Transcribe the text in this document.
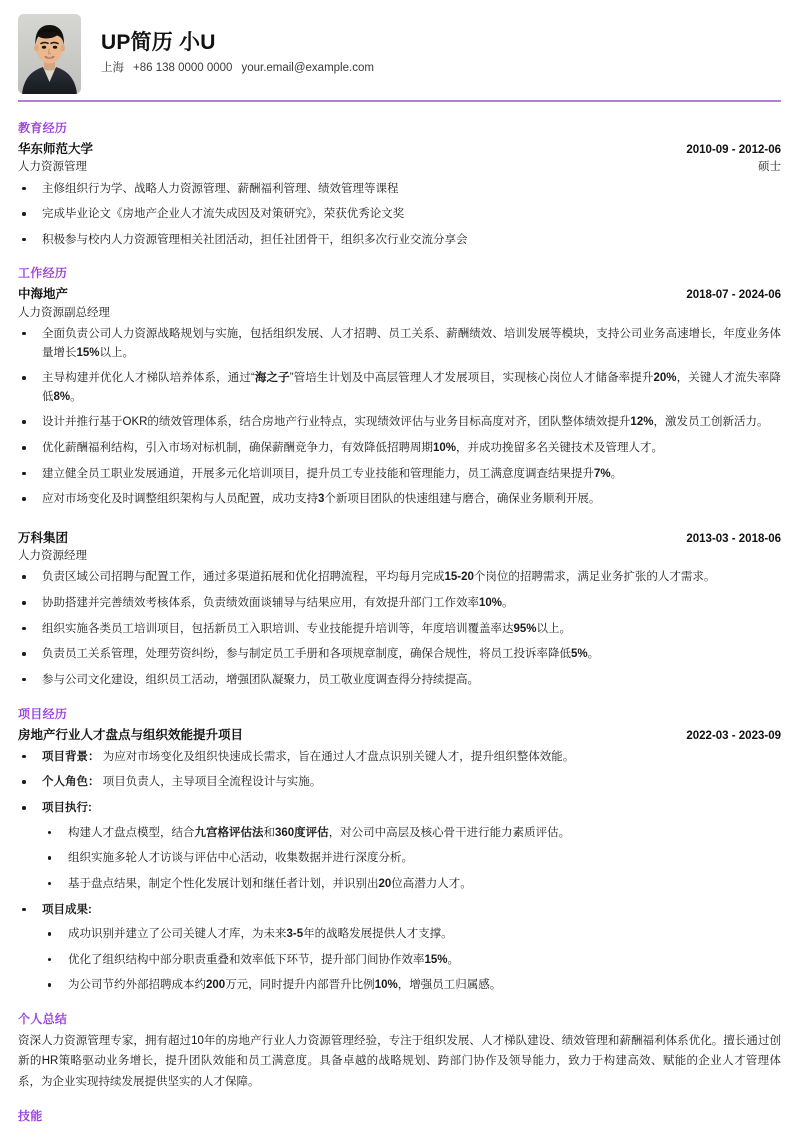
UP简历 小U
上海 +86 138 0000 0000 your.email@example.com
教育经历
华东师范大学	2010-09 - 2012-06
人力资源管理	硕士
主修组织行为学、战略人力资源管理、薪酬福利管理、绩效管理等课程
完成毕业论文《房地产企业人才流失成因及对策研究》，荣获优秀论文奖
积极参与校内人力资源管理相关社团活动，担任社团骨干，组织多次行业交流分享会
工作经历
中海地产	2018-07 - 2024-06
人力资源副总经理
全面负责公司人力资源战略规划与实施，包括组织发展、人才招聘、员工关系、薪酬绩效、培训发展等模块，支持公司业务高速增长，年度业务体量增长15%以上。
主导构建并优化人才梯队培养体系，通过“海之子”管培生计划及中高层管理人才发展项目，实现核心岗位人才储备率提升20%，关键人才流失率降低8%。
设计并推行基于OKR的绩效管理体系，结合房地产行业特点，实现绩效评估与业务目标高度对齐，团队整体绩效提升12%，激发员工创新活力。
优化薪酬福利结构，引入市场对标机制，确保薪酬竞争力，有效降低招聘周期10%，并成功挽留多名关键技术及管理人才。
建立健全员工职业发展通道，开展多元化培训项目，提升员工专业技能和管理能力，员工满意度调查结果提升7%。
应对市场变化及时调整组织架构与人员配置，成功支持3个新项目团队的快速组建与磨合，确保业务顺利开展。
万科集团	2013-03 - 2018-06
人力资源经理
负责区域公司招聘与配置工作，通过多渠道拓展和优化招聘流程，平均每月完成15-20个岗位的招聘需求，满足业务扩张的人才需求。
协助搭建并完善绩效考核体系，负责绩效面谈辅导与结果应用，有效提升部门工作效率10%。
组织实施各类员工培训项目，包括新员工入职培训、专业技能提升培训等，年度培训覆盖率达95%以上。
负责员工关系管理，处理劳资纠纷，参与制定员工手册和各项规章制度，确保合规性，将员工投诉率降低5%。
参与公司文化建设，组织员工活动，增强团队凝聚力，员工敬业度调查得分持续提高。
项目经历
房地产行业人才盘点与组织效能提升项目	2022-03 - 2023-09
项目背景： 为应对市场变化及组织快速成长需求，旨在通过人才盘点识别关键人才，提升组织整体效能。
个人角色： 项目负责人，主导项目全流程设计与实施。
项目执行:
构建人才盘点模型，结合九宫格评估法和360度评估，对公司中高层及核心骨干进行能力素质评估。
组织实施多轮人才访谈与评估中心活动，收集数据并进行深度分析。
基于盘点结果，制定个性化发展计划和继任者计划，并识别出20位高潜力人才。
项目成果:
成功识别并建立了公司关键人才库，为未来3-5年的战略发展提供人才支撑。
优化了组织结构中部分职责重叠和效率低下环节，提升部门间协作效率15%。
为公司节约外部招聘成本约200万元，同时提升内部晋升比例10%，增强员工归属感。
个人总结

资深人力资源管理专家，拥有超过10年的房地产行业人力资源管理经验，专注于组织发展、人才梯队建设、绩效管理和薪酬福利体系优化。擅长通过创新的HR策略驱动业务增长，提升团队效能和员工满意度。具备卓越的战略规划、跨部门协作及领导能力，致力于构建高效、赋能的企业人才管理体系，为企业实现持续发展提供坚实的人才保障。

技能
